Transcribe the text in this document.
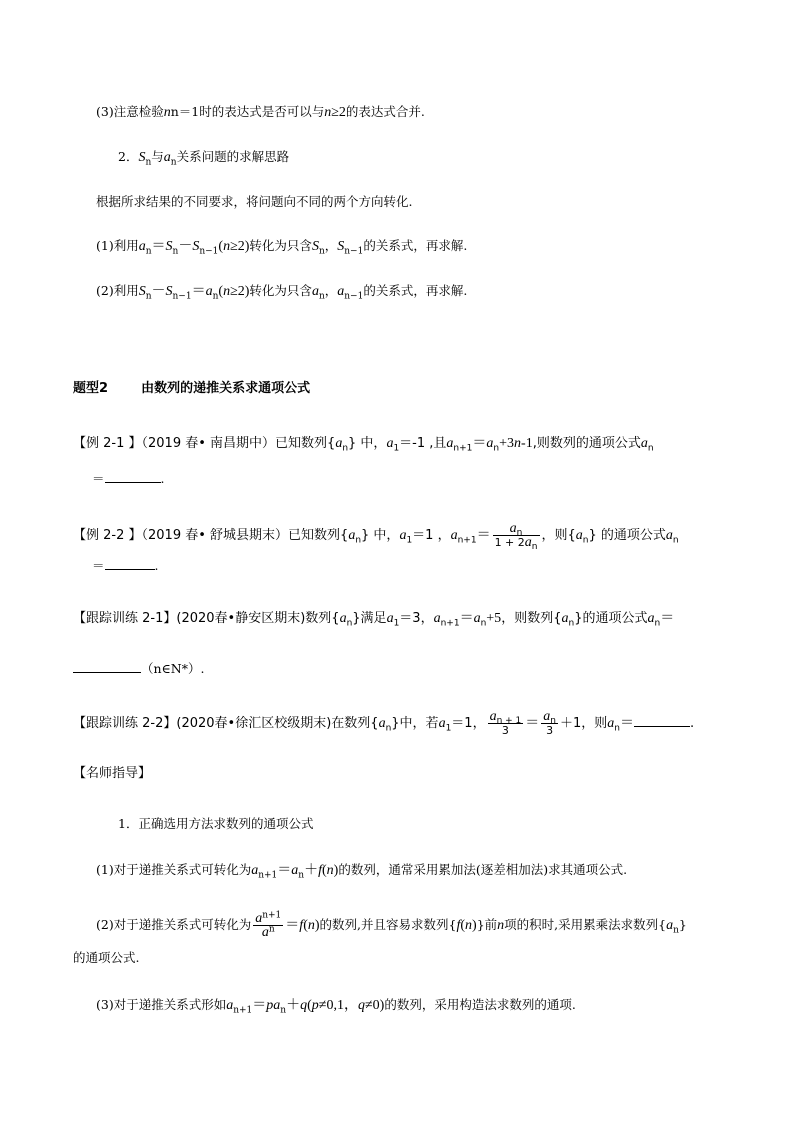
(3)注意检验nn＝1时的表达式是否可以与n≥2的表达式合并.
2．$S_n$与$a_n$关系问题的求解思路
根据所求结果的不同要求，将问题向不同的两个方向转化.
(1)利用$a_n=S_n-S_{n-1}(n\ge 2)$转化为只含$S_n$，$S_{n-1}$的关系式，再求解.
(2)利用$S_n-S_{n-1}=a_n(n\ge 2)$转化为只含$a_n$，$a_{n-1}$的关系式，再求解.
题型2	由数列的递推关系求通项公式
【例 2-1 】（2019 春• 南昌期中）已知数列$\{a_n\}$ 中，$a_1=-1$ ,且$a_{n+1}=a_n+3n-1$,则数列的通项公式$a_n$
＝	.
【例 2-2 】（2019 春• 舒城县期末）已知数列$\{a_n\}$ 中，$a_1=1$ ，$a_{n+1}= \frac{a_n}{1 + 2a_n}$ ，则$\{a_n\}$ 的通项公式$a_n$
＝	.
【跟踪训练 2-1】(2020春•静安区期末)数列$\{a_n\}$满足$a_1=3$，$a_{n+1}=a_n+5$，则数列$\{a_n\}$的通项公式$a_n=$
（n∈N*）.
【跟踪训练 2-2】(2020春•徐汇区校级期末)在数列$\{a_n\}$中，若$a_1=1$， $\frac{a_{n + 1}}{3} = \frac{a_n}{3} +1$，则$a_n=$	.
【名师指导】
1．正确选用方法求数列的通项公式
(1)对于递推关系式可转化为$a_{n+1}=a_n+f(n)$的数列，通常采用累加法(逐差相加法)求其通项公式.
(2)对于递推关系式可转化为 $\frac{a^{n+1}}{a^n} =f(n)$的数列,并且容易求数列{f(n)}前n项的积时,采用累乘法求数列$\{a_n\}$
的通项公式.
(3)对于递推关系式形如$a_{n+1}=pa_n+q(p\ne 0,1$，q≠0)的数列，采用构造法求数列的通项.
